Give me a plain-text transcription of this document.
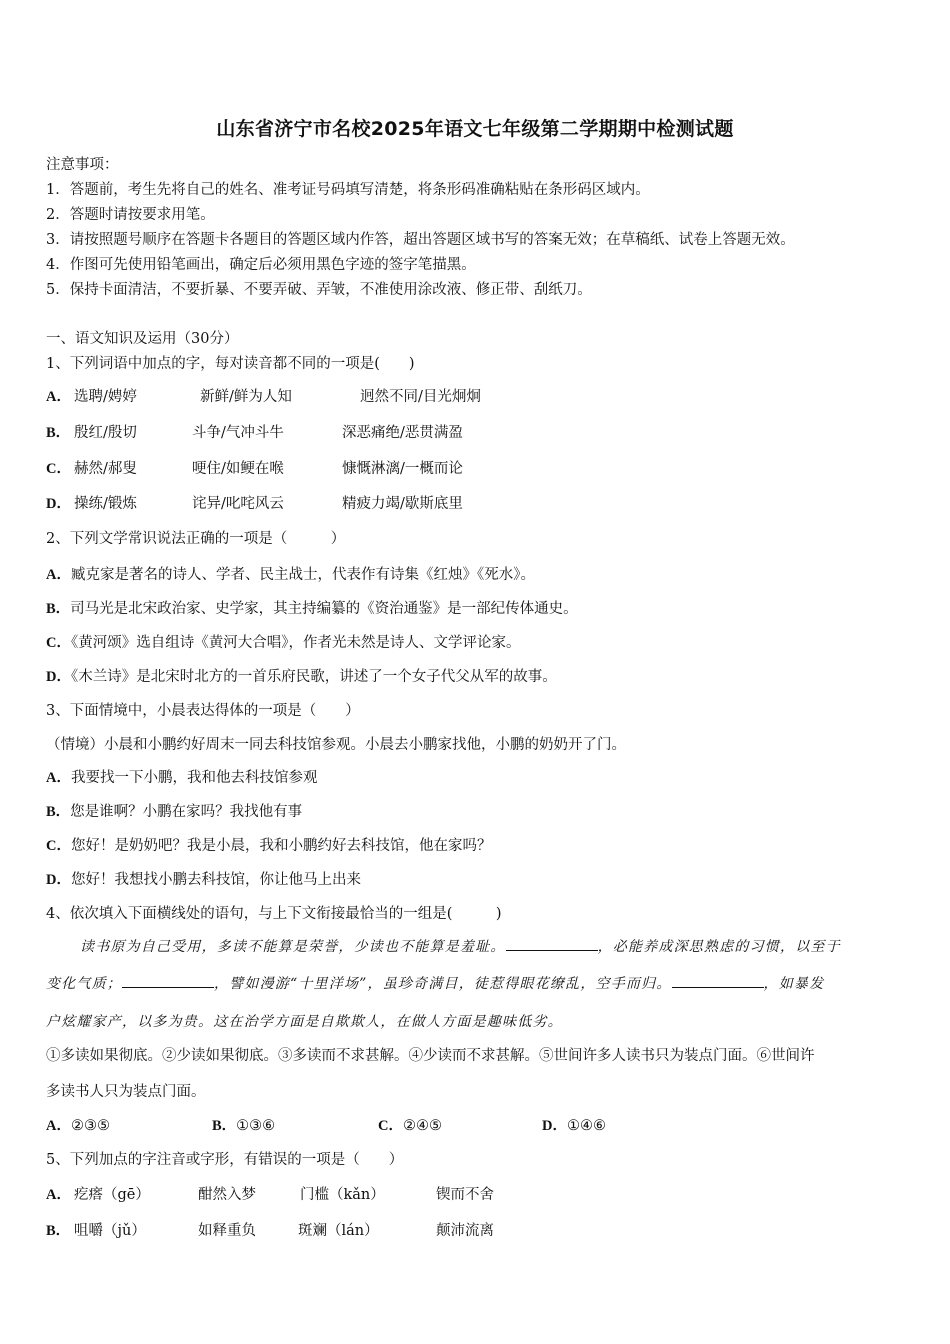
山东省济宁市名校2025年语文七年级第二学期期中检测试题
注意事项：
1．答题前，考生先将自己的姓名、准考证号码填写清楚，将条形码准确粘贴在条形码区域内。
2．答题时请按要求用笔。
3．请按照题号顺序在答题卡各题目的答题区域内作答，超出答题区域书写的答案无效；在草稿纸、试卷上答题无效。
4．作图可先使用铅笔画出，确定后必须用黑色字迹的签字笔描黑。
5．保持卡面清洁，不要折暴、不要弄破、弄皱，不准使用涂改液、修正带、刮纸刀。
一、语文知识及运用（30分）
1、下列词语中加点的字，每对读音都不同的一项是(　　)
A． 选聘/娉婷	新鲜/鲜为人知	迥然不同/目光炯炯
B． 殷红/殷切	斗争/气冲斗牛	深恶痛绝/恶贯满盈
C． 赫然/郝叟	哽住/如鲠在喉	慷慨淋漓/一概而论
D． 操练/锻炼	诧异/叱咤风云	精疲力竭/歇斯底里
2、下列文学常识说法正确的一项是（　　　）
A．臧克家是著名的诗人、学者、民主战士，代表作有诗集《红烛》《死水》。
B．司马光是北宋政治家、史学家，其主持编纂的《资治通鉴》是一部纪传体通史。
C．《黄河颂》选自组诗《黄河大合唱》，作者光未然是诗人、文学评论家。
D．《木兰诗》是北宋时北方的一首乐府民歌，讲述了一个女子代父从军的故事。
3、下面情境中，小晨表达得体的一项是（　　）
（情境）小晨和小鹏约好周末一同去科技馆参观。小晨去小鹏家找他，小鹏的奶奶开了门。
A．我要找一下小鹏，我和他去科技馆参观
B．您是谁啊？小鹏在家吗？我找他有事
C．您好！是奶奶吧？我是小晨，我和小鹏约好去科技馆，他在家吗？
D．您好！我想找小鹏去科技馆，你让他马上出来
4、依次填入下面横线处的语句，与上下文衔接最恰当的一组是(　　　)
读书原为自己受用，多读不能算是荣誉，少读也不能算是羞耻。	，必能养成深思熟虑的习惯，以至于
变化气质；	，譬如漫游“十里洋场”，虽珍奇满目，徒惹得眼花缭乱，空手而归。	，如暴发
户炫耀家产，以多为贵。这在治学方面是自欺欺人，在做人方面是趣味低劣。
①多读如果彻底。②少读如果彻底。③多读而不求甚解。④少读而不求甚解。⑤世间许多人读书只为装点门面。⑥世间许
多读书人只为装点门面。
A．②③⑤	B．①③⑥	C．②④⑤	D．①④⑥
5、下列加点的字注音或字形，有错误的一项是（　　）
A． 疙瘩（gē）	酣然入梦	门槛（kǎn）	锲而不舍
B． 咀嚼（jǔ）	如释重负	斑斓（lán）	颠沛流离
